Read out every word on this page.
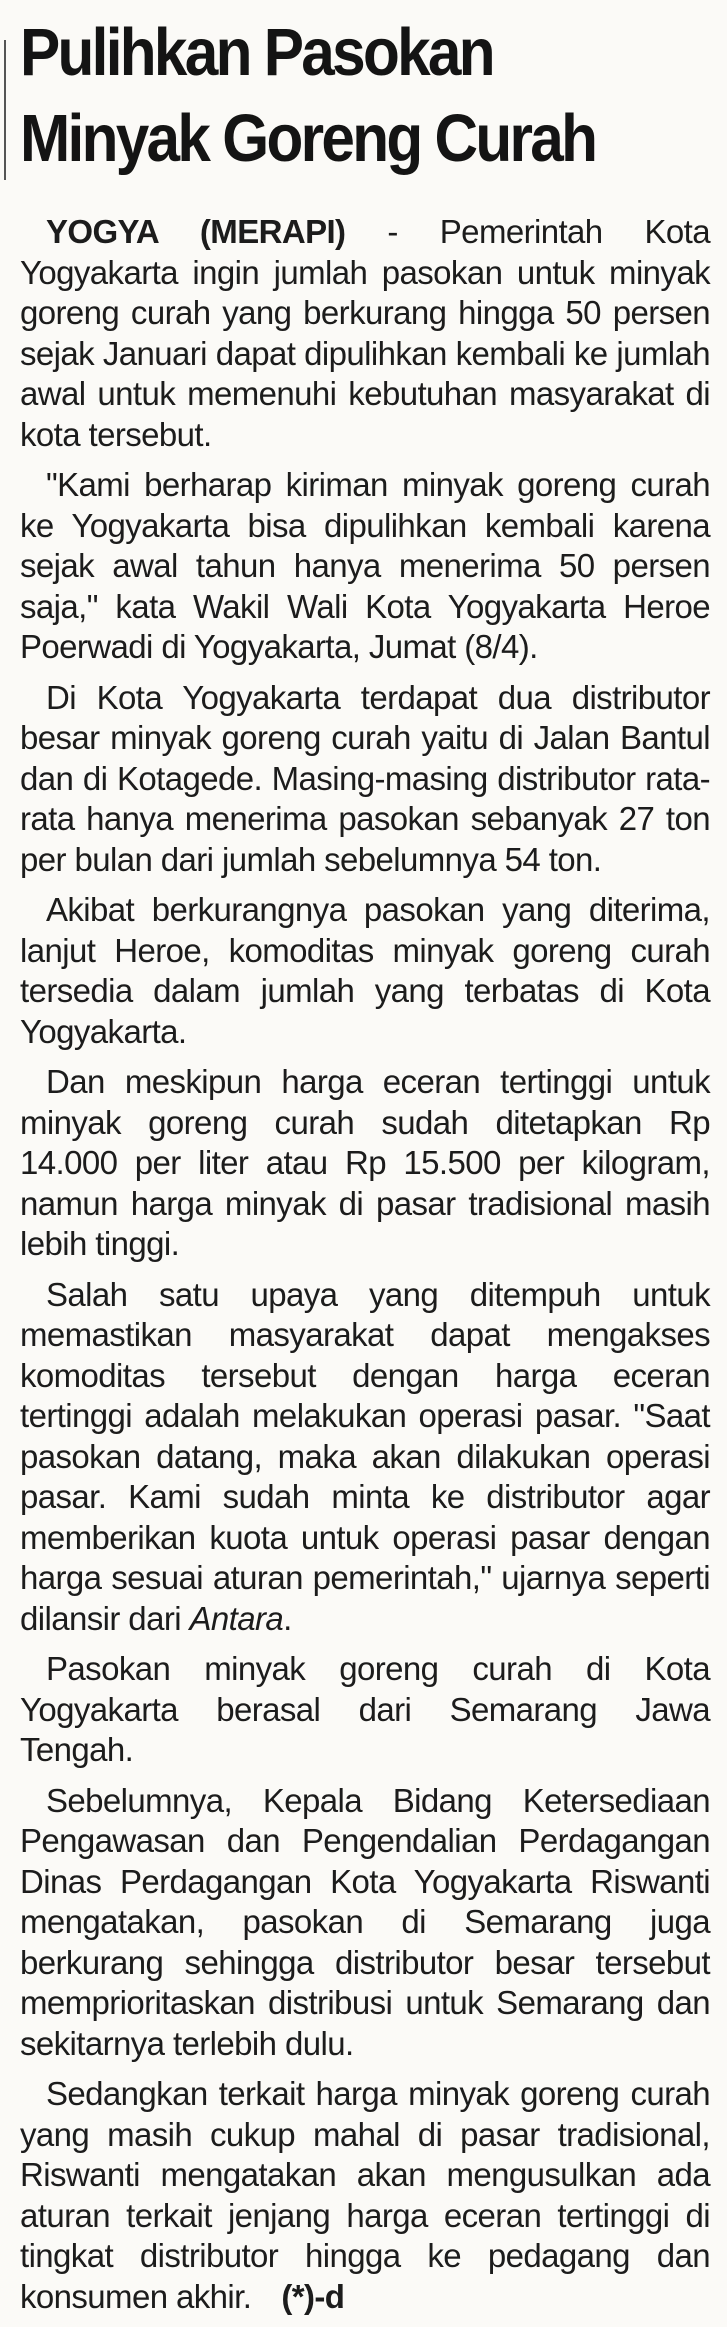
Pulihkan Pasokan
Minyak Goreng Curah

YOGYA (MERAPI) - Pemerintah Kota Yogyakarta ingin jumlah pasokan untuk minyak goreng curah yang berkurang hingga 50 persen sejak Januari dapat dipulihkan kembali ke jumlah awal untuk memenuhi kebutuhan masyarakat di kota tersebut.

"Kami berharap kiriman minyak goreng curah ke Yogyakarta bisa dipulihkan kembali karena sejak awal tahun hanya menerima 50 persen saja," kata Wakil Wali Kota Yogyakarta Heroe Poerwadi di Yogyakarta, Jumat (8/4).

Di Kota Yogyakarta terdapat dua distributor besar minyak goreng curah yaitu di Jalan Bantul dan di Kotagede. Masing-masing distributor rata-rata hanya menerima pasokan sebanyak 27 ton per bulan dari jumlah sebelumnya 54 ton.

Akibat berkurangnya pasokan yang diterima, lanjut Heroe, komoditas minyak goreng curah tersedia dalam jumlah yang terbatas di Kota Yogyakarta.

Dan meskipun harga eceran tertinggi untuk minyak goreng curah sudah ditetapkan Rp 14.000 per liter atau Rp 15.500 per kilogram, namun harga minyak di pasar tradisional masih lebih tinggi.

Salah satu upaya yang ditempuh untuk memastikan masyarakat dapat mengakses komoditas tersebut dengan harga eceran tertinggi adalah melakukan operasi pasar. "Saat pasokan datang, maka akan dilakukan operasi pasar. Kami sudah minta ke distributor agar memberikan kuota untuk operasi pasar dengan harga sesuai aturan pemerintah," ujarnya seperti dilansir dari Antara.

Pasokan minyak goreng curah di Kota Yogyakarta berasal dari Semarang Jawa Tengah.

Sebelumnya, Kepala Bidang Ketersediaan Pengawasan dan Pengendalian Perdagangan Dinas Perdagangan Kota Yogyakarta Riswanti mengatakan, pasokan di Semarang juga berkurang sehingga distributor besar tersebut memprioritaskan distribusi untuk Semarang dan sekitarnya terlebih dulu.

Sedangkan terkait harga minyak goreng curah yang masih cukup mahal di pasar tradisional, Riswanti mengatakan akan mengusulkan ada aturan terkait jenjang harga eceran tertinggi di tingkat distributor hingga ke pedagang dan konsumen akhir. (*)-d
